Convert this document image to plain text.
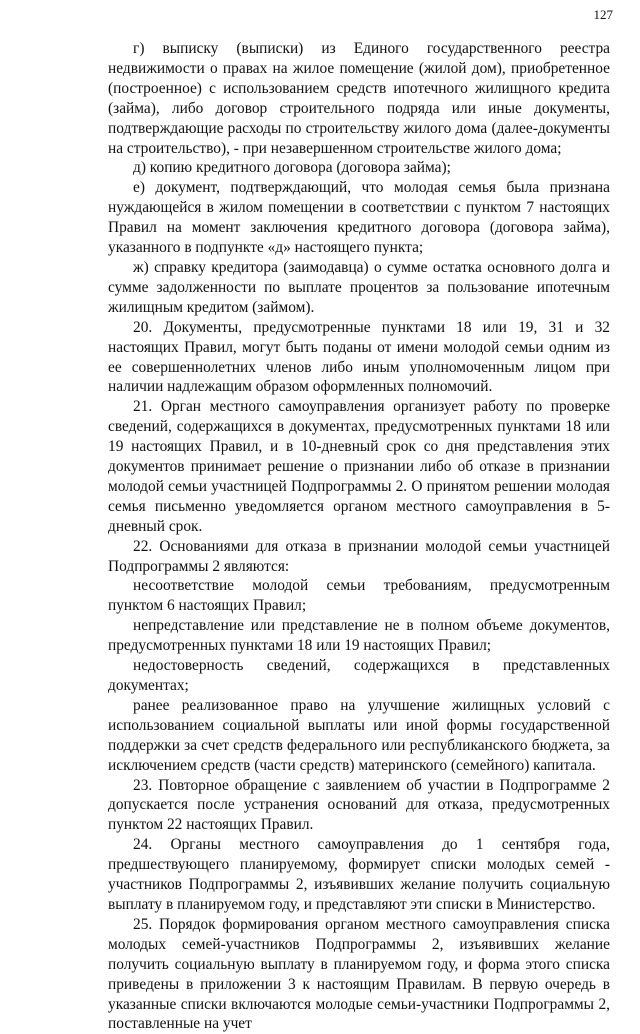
127

г) выписку (выписки) из Единого государственного реестра недвижимости о правах на жилое помещение (жилой дом), приобретенное (построенное) с использованием средств ипотечного жилищного кредита (займа), либо договор строительного подряда или иные документы, подтверждающие расходы по строительству жилого дома (далее-документы на строительство), - при незавершенном строительстве жилого дома;

д) копию кредитного договора (договора займа);

е) документ, подтверждающий, что молодая семья была признана нуждающейся в жилом помещении в соответствии с пунктом 7 настоящих Правил на момент заключения кредитного договора (договора займа), указанного в подпункте «д» настоящего пункта;

ж) справку кредитора (заимодавца) о сумме остатка основного долга и сумме задолженности по выплате процентов за пользование ипотечным жилищным кредитом (займом).

20. Документы, предусмотренные пунктами 18 или 19, 31 и 32 настоящих Правил, могут быть поданы от имени молодой семьи одним из ее совершеннолетних членов либо иным уполномоченным лицом при наличии надлежащим образом оформленных полномочий.

21. Орган местного самоуправления организует работу по проверке сведений, содержащихся в документах, предусмотренных пунктами 18 или 19 настоящих Правил, и в 10-дневный срок со дня представления этих документов принимает решение о признании либо об отказе в признании молодой семьи участницей Подпрограммы 2. О принятом решении молодая семья письменно уведомляется органом местного самоуправления в 5-дневный срок.

22. Основаниями для отказа в признании молодой семьи участницей Подпрограммы 2 являются:

несоответствие молодой семьи требованиям, предусмотренным пунктом 6 настоящих Правил;

непредставление или представление не в полном объеме документов, предусмотренных пунктами 18 или 19 настоящих Правил;

недостоверность сведений, содержащихся в представленных документах;

ранее реализованное право на улучшение жилищных условий с использованием социальной выплаты или иной формы государственной поддержки за счет средств федерального или республиканского бюджета, за исключением средств (части средств) материнского (семейного) капитала.

23. Повторное обращение с заявлением об участии в Подпрограмме 2 допускается после устранения оснований для отказа, предусмотренных пунктом 22 настоящих Правил.

24. Органы местного самоуправления до 1 сентября года, предшествующего планируемому, формирует списки молодых семей - участников Подпрограммы 2, изъявивших желание получить социальную выплату в планируемом году, и представляют эти списки в Министерство.

25. Порядок формирования органом местного самоуправления списка молодых семей-участников Подпрограммы 2, изъявивших желание получить социальную выплату в планируемом году, и форма этого списка приведены в приложении 3 к настоящим Правилам. В первую очередь в указанные списки включаются молодые семьи-участники Подпрограммы 2, поставленные на учет
